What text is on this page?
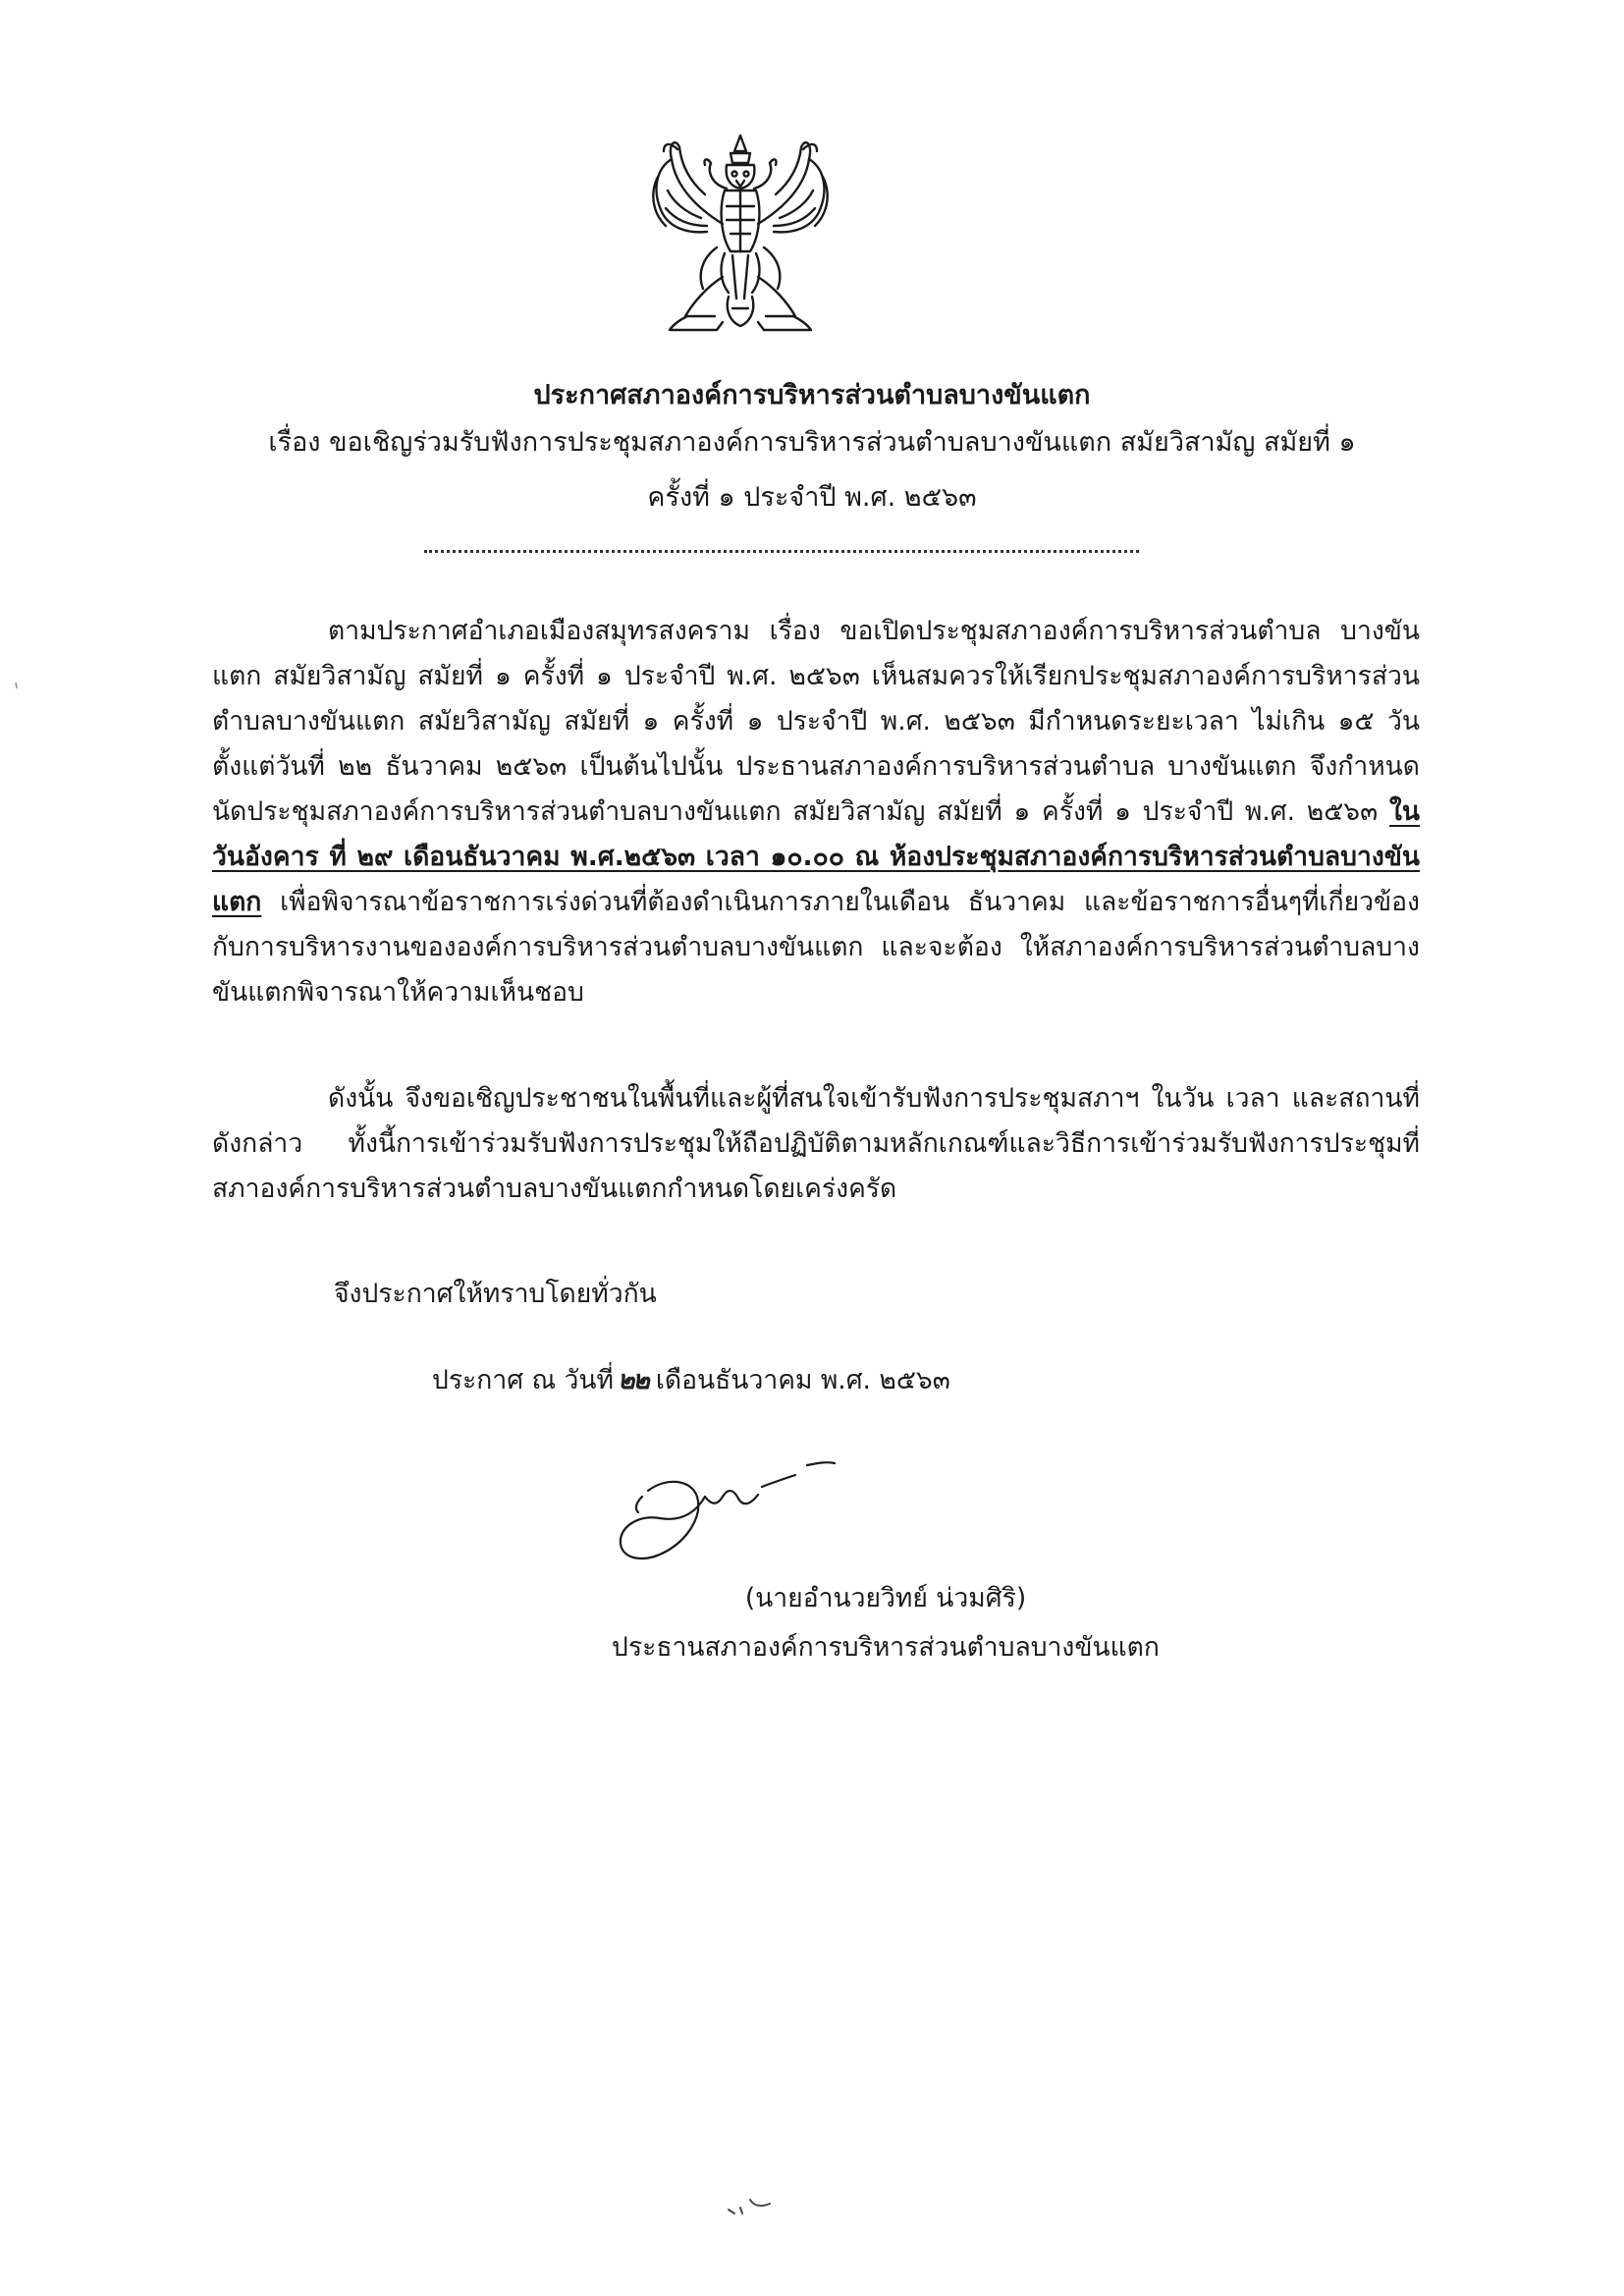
ประกาศสภาองค์การบริหารส่วนตำบลบางขันแตก
เรื่อง ขอเชิญร่วมรับฟังการประชุมสภาองค์การบริหารส่วนตำบลบางขันแตก สมัยวิสามัญ สมัยที่ ๑
ครั้งที่ ๑ ประจำปี พ.ศ. ๒๕๖๓
ตามประกาศอำเภอเมืองสมุทรสงคราม เรื่อง ขอเปิดประชุมสภาองค์การบริหารส่วนตำบล บางขันแตก สมัยวิสามัญ สมัยที่ ๑ ครั้งที่ ๑ ประจำปี พ.ศ. ๒๕๖๓ เห็นสมควรให้เรียกประชุมสภาองค์การบริหารส่วนตำบลบางขันแตก สมัยวิสามัญ สมัยที่ ๑ ครั้งที่ ๑ ประจำปี พ.ศ. ๒๕๖๓ มีกำหนดระยะเวลา ไม่เกิน ๑๕ วัน ตั้งแต่วันที่ ๒๒ ธันวาคม ๒๕๖๓ เป็นต้นไปนั้น ประธานสภาองค์การบริหารส่วนตำบล บางขันแตก จึงกำหนดนัดประชุมสภาองค์การบริหารส่วนตำบลบางขันแตก สมัยวิสามัญ สมัยที่ ๑ ครั้งที่ ๑ ประจำปี พ.ศ. ๒๕๖๓ ในวันอังคาร ที่ ๒๙ เดือนธันวาคม พ.ศ.๒๕๖๓ เวลา ๑๐.๐๐ ณ ห้องประชุมสภาองค์การบริหารส่วนตำบลบางขันแตก เพื่อพิจารณาข้อราชการเร่งด่วนที่ต้องดำเนินการภายในเดือน ธันวาคม และข้อราชการอื่นๆที่เกี่ยวข้องกับการบริหารงานขององค์การบริหารส่วนตำบลบางขันแตก และจะต้อง ให้สภาองค์การบริหารส่วนตำบลบางขันแตกพิจารณาให้ความเห็นชอบ
ดังนั้น จึงขอเชิญประชาชนในพื้นที่และผู้ที่สนใจเข้ารับฟังการประชุมสภาฯ ในวัน เวลา และสถานที่ดังกล่าว ทั้งนี้การเข้าร่วมรับฟังการประชุมให้ถือปฏิบัติตามหลักเกณฑ์และวิธีการเข้าร่วมรับฟังการประชุมที่สภาองค์การบริหารส่วนตำบลบางขันแตกกำหนดโดยเคร่งครัด
จึงประกาศให้ทราบโดยทั่วกัน
ประกาศ ณ วันที่ ๒๒ เดือนธันวาคม พ.ศ. ๒๕๖๓
(นายอำนวยวิทย์ น่วมศิริ)
ประธานสภาองค์การบริหารส่วนตำบลบางขันแตก
